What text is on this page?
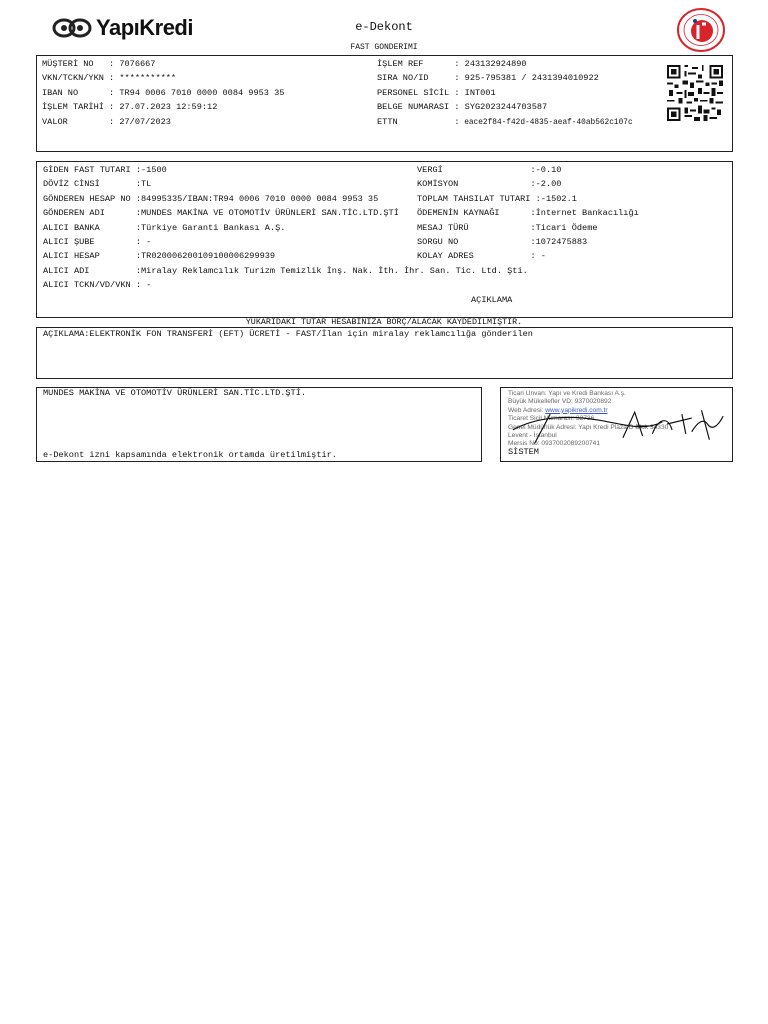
YapıKredi	e-Dekont
FAST GONDERIMI
MÜŞTERİ NO   : 7076667
VKN/TCKN/YKN : ***********
IBAN NO      : TR94 0006 7010 0000 0084 9953 35
İŞLEM TARİHİ : 27.07.2023 12:59:12
VALOR        : 27/07/2023
İŞLEM REF      : 243132924890
SIRA NO/ID     : 925-795381 / 2431394010922
PERSONEL SİCİL : INT001
BELGE NUMARASI : SYG2023244703587
ETTN           : eace2f84-f42d-4835-aeaf-40ab562c107c
GİDEN FAST TUTARI :-1500
DÖVİZ CİNSİ       :TL
GÖNDEREN HESAP NO :84995335/IBAN:TR94 0006 7010 0000 0084 9953 35
GÖNDEREN ADI      :MUNDES MAKİNA VE OTOMOTİV ÜRÜNLERİ SAN.TİC.LTD.ŞTİ
ALICI BANKA       :Türkiye Garanti Bankası A.Ş.
ALICI ŞUBE        : -
ALICI HESAP       :TR020006200109100006299939
ALICI ADI         :Miralay Reklamcılık Turizm Temizlik İnş. Nak. İth. İhr. San. Tic. Ltd. Şti.
ALICI TCKN/VD/VKN : -
VERGİ                 :-0.10
KOMİSYON              :-2.00
TOPLAM TAHSILAT TUTARI :-1502.1
ÖDEMENİN KAYNAĞI      :İnternet Bankacılığı
MESAJ TÜRÜ            :Ticari Ödeme
SORGU NO              :1072475883
KOLAY ADRES           : -
AÇIKLAMA
YUKARIDAKI TUTAR HESABINIZA BORÇ/ALACAK KAYDEDILMIŞTIR.
AÇIKLAMA:ELEKTRONİK FON TRANSFERİ (EFT) ÜCRETİ - FAST/İlan için miralay reklamcılığa gönderilen
MUNDES MAKİNA VE OTOMOTİV ÜRÜNLERİ SAN.TİC.LTD.ŞTİ.
e-Dekont izni kapsamında elektronik ortamda üretilmiştir.
Ticari Unvan: Yapı ve Kredi Bankası A.ş.
Büyük Mükellefler VD: 9370020892
Web Adresi: www.yapikredi.com.tr
Ticaret Sicil Numarası: 32736
Genel Müdürlük Adresi: Yapı Kredi Plaza D Blok 34330
Levent - İstanbul
Mersis No: 0937002089200741
SİSTEM
